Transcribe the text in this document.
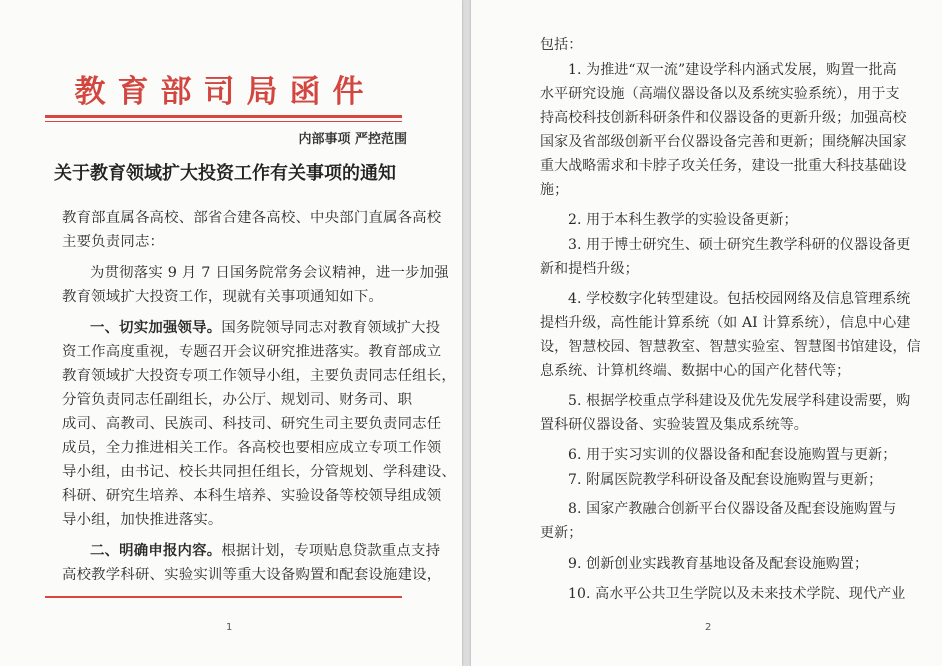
教育部司局函件
内部事项 严控范围
关于教育领域扩大投资工作有关事项的通知
教育部直属各高校、部省合建各高校、中央部门直属各高校
主要负责同志：
为贯彻落实 9 月 7 日国务院常务会议精神，进一步加强
教育领域扩大投资工作，现就有关事项通知如下。
一、切实加强领导。国务院领导同志对教育领域扩大投
资工作高度重视，专题召开会议研究推进落实。教育部成立
教育领域扩大投资专项工作领导小组，主要负责同志任组长，
分管负责同志任副组长，办公厅、规划司、财务司、职
成司、高教司、民族司、科技司、研究生司主要负责同志任
成员，全力推进相关工作。各高校也要相应成立专项工作领
导小组，由书记、校长共同担任组长，分管规划、学科建设、
科研、研究生培养、本科生培养、实验设备等校领导组成领
导小组，加快推进落实。
二、明确申报内容。根据计划，专项贴息贷款重点支持
高校教学科研、实验实训等重大设备购置和配套设施建设，
1
包括：
1. 为推进“双一流”建设学科内涵式发展，购置一批高
水平研究设施（高端仪器设备以及系统实验系统），用于支
持高校科技创新科研条件和仪器设备的更新升级；加强高校
国家及省部级创新平台仪器设备完善和更新；围绕解决国家
重大战略需求和卡脖子攻关任务，建设一批重大科技基础设
施；
2. 用于本科生教学的实验设备更新；
3. 用于博士研究生、硕士研究生教学科研的仪器设备更
新和提档升级；
4. 学校数字化转型建设。包括校园网络及信息管理系统
提档升级，高性能计算系统（如 AI 计算系统），信息中心建
设，智慧校园、智慧教室、智慧实验室、智慧图书馆建设，信
息系统、计算机终端、数据中心的国产化替代等；
5. 根据学校重点学科建设及优先发展学科建设需要，购
置科研仪器设备、实验装置及集成系统等。
6. 用于实习实训的仪器设备和配套设施购置与更新；
7. 附属医院教学科研设备及配套设施购置与更新；
8. 国家产教融合创新平台仪器设备及配套设施购置与
更新；
9. 创新创业实践教育基地设备及配套设施购置；
10. 高水平公共卫生学院以及未来技术学院、现代产业
2
